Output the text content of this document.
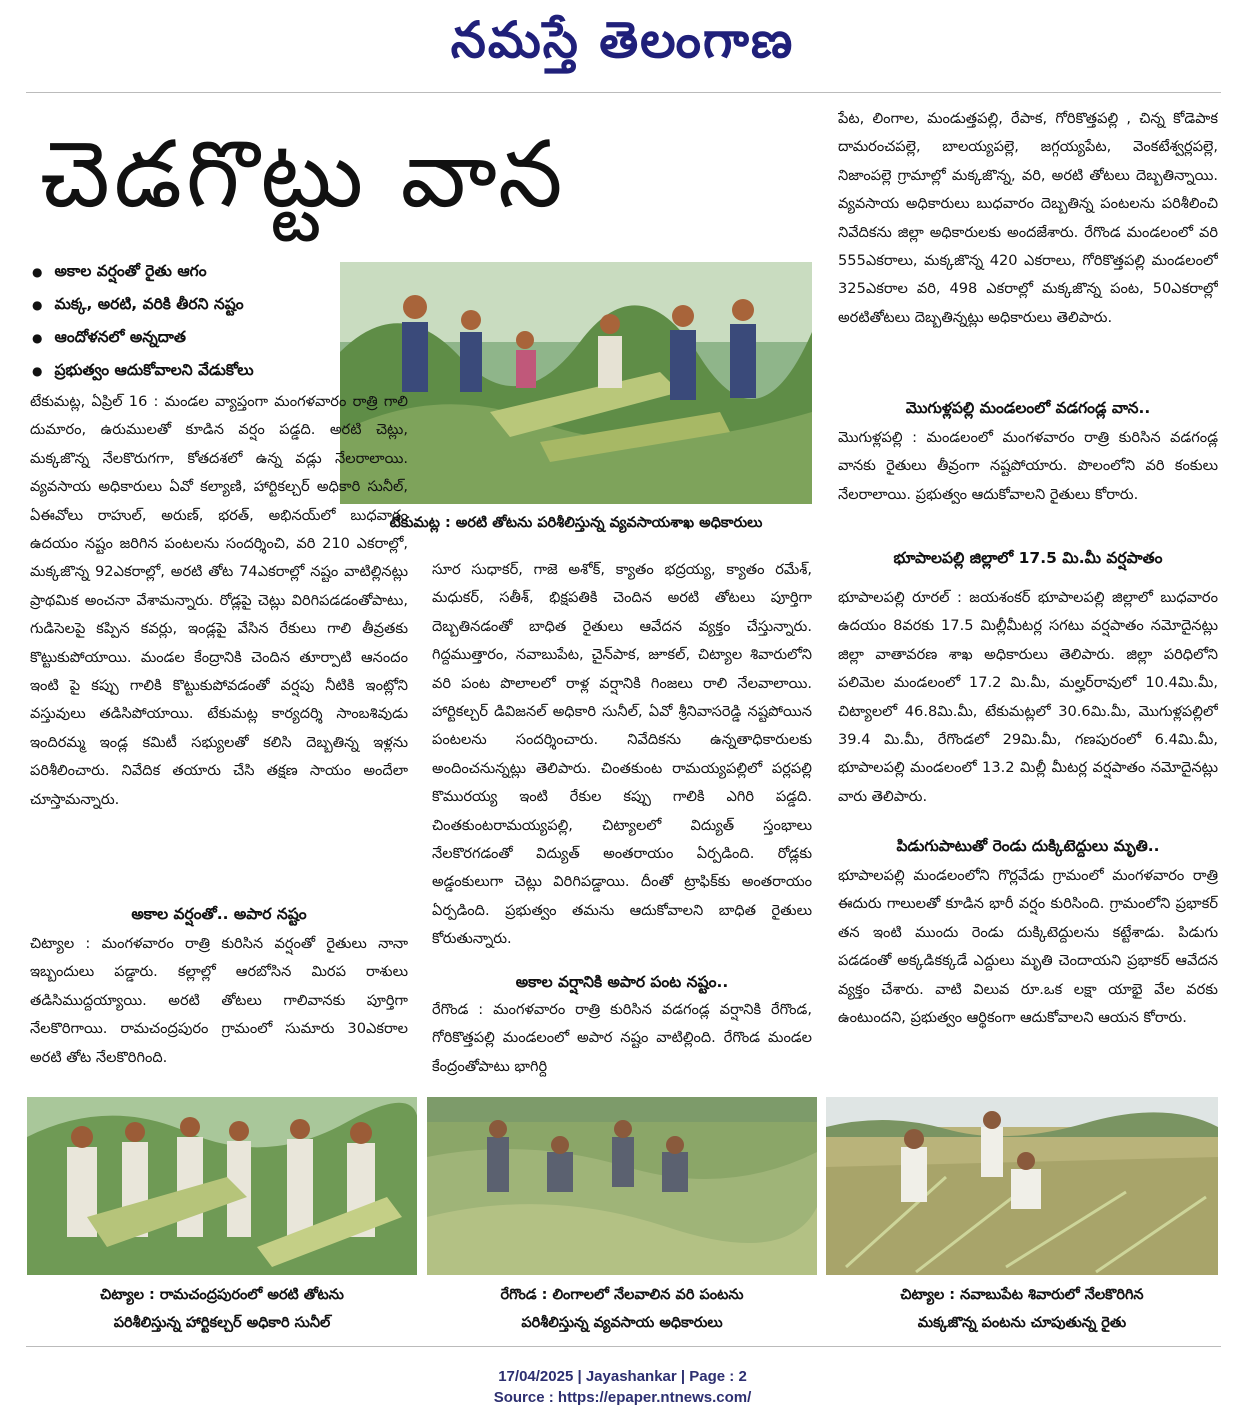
నమస్తే తెలంగాణ
చెడగొట్టు వాన
● అకాల వర్షంతో రైతు ఆగం
● మక్క, అరటి, వరికి తీరని నష్టం
● ఆందోళనలో అన్నదాత
● ప్రభుత్వం ఆదుకోవాలని వేడుకోలు
టేకుమట్ల : అరటి తోటను పరిశీలిస్తున్న వ్యవసాయశాఖ అధికారులు

టేకుమట్ల, ఏప్రిల్ 16 : మండల వ్యాప్తంగా మంగళవారం రాత్రి గాలి దుమారం, ఉరుములతో కూడిన వర్షం పడ్డది. అరటి చెట్లు, మక్కజొన్న నేలకొరుగగా, కోతదశలో ఉన్న వడ్లు నేలరాలాయి. వ్యవసాయ అధికారులు ఏవో కల్యాణి, హార్టికల్చర్ అధికారి సునీల్, ఏఈవోలు రాహుల్, అరుణ్, భరత్, అభినయ్‌లో బుధవారం ఉదయం నష్టం జరిగిన పంటలను సందర్శించి, వరి 210 ఎకరాల్లో, మక్కజొన్న 92ఎకరాల్లో, అరటి తోట 74ఎకరాల్లో నష్టం వాటిల్లినట్లు ప్రాథమిక అంచనా వేశామన్నారు. రోడ్లపై చెట్లు విరిగిపడడంతోపాటు, గుడిసెలపై కప్పిన కవర్లు, ఇండ్లపై వేసిన రేకులు గాలి తీవ్రతకు కొట్టుకుపోయాయి. మండల కేంద్రానికి చెందిన తూర్పాటి ఆనందం ఇంటి పై కప్పు గాలికి కొట్టుకుపోవడంతో వర్షపు నీటికి ఇంట్లోని వస్తువులు తడిసిపోయాయి. టేకుమట్ల కార్యదర్శి సాంబశివుడు ఇందిరమ్మ ఇండ్ల కమిటీ సభ్యులతో కలిసి దెబ్బతిన్న ఇళ్లను పరిశీలించారు. నివేదిక తయారు చేసి తక్షణ సాయం అందేలా చూస్తామన్నారు.

అకాల వర్షంతో.. అపార నష్టం

చిట్యాల : మంగళవారం రాత్రి కురిసిన వర్షంతో రైతులు నానా ఇబ్బందులు పడ్డారు. కల్లాల్లో ఆరబోసిన మిరప రాశులు తడిసిముద్దయ్యాయి. అరటి తోటలు గాలివానకు పూర్తిగా నేలకొరిగాయి. రామచంద్రపురం గ్రామంలో సుమారు 30ఎకరాల అరటి తోట నేలకొరిగింది.

సూర సుధాకర్, గాజె అశోక్, క్యాతం భద్రయ్య, క్యాతం రమేశ్, మధుకర్, సతీశ్, భిక్షపతికి చెందిన అరటి తోటలు పూర్తిగా దెబ్బతినడంతో బాధిత రైతులు ఆవేదన వ్యక్తం చేస్తున్నారు. గిద్దముత్తారం, నవాబుపేట, చైన్‌పాక, జూకల్, చిట్యాల శివారులోని వరి పంట పొలాలలో రాళ్ల వర్షానికి గింజలు రాలి నేలవాలాయి. హార్టికల్చర్ డివిజనల్ అధికారి సునీల్, ఏవో శ్రీనివాసరెడ్డి నష్టపోయిన పంటలను సందర్శించారు. నివేదికను ఉన్నతాధికారులకు అందించనున్నట్లు తెలిపారు. చింతకుంట రామయ్యపల్లిలో పర్లపల్లి కొమురయ్య ఇంటి రేకుల కప్పు గాలికి ఎగిరి పడ్డది. చింతకుంటరామయ్యపల్లి, చిట్యాలలో విద్యుత్ స్తంభాలు నేలకొరగడంతో విద్యుత్ అంతరాయం ఏర్పడింది. రోడ్లకు అడ్డంకులుగా చెట్లు విరిగిపడ్డాయి. దీంతో ట్రాఫిక్‌కు అంతరాయం ఏర్పడింది. ప్రభుత్వం తమను ఆదుకోవాలని బాధిత రైతులు కోరుతున్నారు.

అకాల వర్షానికి అపార పంట నష్టం..

రేగొండ : మంగళవారం రాత్రి కురిసిన వడగండ్ల వర్షానికి రేగొండ, గోరికొత్తపల్లి మండలంలో అపార నష్టం వాటిల్లింది. రేగొండ మండల కేంద్రంతోపాటు భాగిర్ది

పేట, లింగాల, మండుత్తపల్లి, రేపాక, గోరికొత్తపల్లి , చిన్న కోడెపాక దామరంచపల్లె, బాలయ్యపల్లె, జగ్గయ్యపేట, వెంకటేశ్వర్లపల్లె, నిజాంపల్లె గ్రామాల్లో మక్కజొన్న, వరి, అరటి తోటలు దెబ్బతిన్నాయి. వ్యవసాయ అధికారులు బుధవారం దెబ్బతిన్న పంటలను పరిశీలించి నివేదికను జిల్లా అధికారులకు అందజేశారు. రేగొండ మండలంలో వరి 555ఎకరాలు, మక్కజొన్న 420 ఎకరాలు, గోరికొత్తపల్లి మండలంలో 325ఎకరాల వరి, 498 ఎకరాల్లో మక్కజొన్న పంట, 50ఎకరాల్లో అరటితోటలు దెబ్బతిన్నట్లు అధికారులు తెలిపారు.

మొగుళ్లపల్లి మండలంలో వడగండ్ల వాన..

మొగుళ్లపల్లి : మండలంలో మంగళవారం రాత్రి కురిసిన వడగండ్ల వానకు రైతులు తీవ్రంగా నష్టపోయారు. పొలంలోని వరి కంకులు నేలరాలాయి. ప్రభుత్వం ఆదుకోవాలని రైతులు కోరారు.

భూపాలపల్లి జిల్లాలో 17.5 మి.మీ వర్షపాతం

భూపాలపల్లి రూరల్ : జయశంకర్ భూపాలపల్లి జిల్లాలో బుధవారం ఉదయం 8వరకు 17.5 మిల్లీమీటర్ల సగటు వర్షపాతం నమోదైనట్లు జిల్లా వాతావరణ శాఖ అధికారులు తెలిపారు. జిల్లా పరిధిలోని పలిమెల మండలంలో 17.2 మి.మీ, మల్హర్‌రావులో 10.4మి.మీ, చిట్యాలలో 46.8మి.మీ, టేకుమట్లలో 30.6మి.మీ, మొగుళ్లపల్లిలో 39.4 మి.మీ, రేగొండలో 29మి.మీ, గణపురంలో 6.4మి.మీ, భూపాలపల్లి మండలంలో 13.2 మిల్లీ మీటర్ల వర్షపాతం నమోదైనట్లు వారు తెలిపారు.

పిడుగుపాటుతో రెండు దుక్కిటెద్దులు మృతి..

భూపాలపల్లి మండలంలోని గొర్లవేడు గ్రామంలో మంగళవారం రాత్రి ఈదురు గాలులతో కూడిన భారీ వర్షం కురిసింది. గ్రామంలోని ప్రభాకర్ తన ఇంటి ముందు రెండు దుక్కిటెద్దులను కట్టేశాడు. పిడుగు పడడంతో అక్కడికక్కడే ఎద్దులు మృతి చెందాయని ప్రభాకర్ ఆవేదన వ్యక్తం చేశారు. వాటి విలువ రూ.ఒక లక్షా యాభై వేల వరకు ఉంటుందని, ప్రభుత్వం ఆర్థికంగా ఆదుకోవాలని ఆయన కోరారు.

చిట్యాల : రామచంద్రపురంలో అరటి తోటను
పరిశీలిస్తున్న హార్టికల్చర్ అధికారి సునీల్
రేగొండ : లింగాలలో నేలవాలిన వరి పంటను
పరిశీలిస్తున్న వ్యవసాయ అధికారులు
చిట్యాల : నవాబుపేట శివారులో నేలకొరిగిన
మక్కజొన్న పంటను చూపుతున్న రైతు
17/04/2025 | Jayashankar | Page : 2
Source : https://epaper.ntnews.com/
